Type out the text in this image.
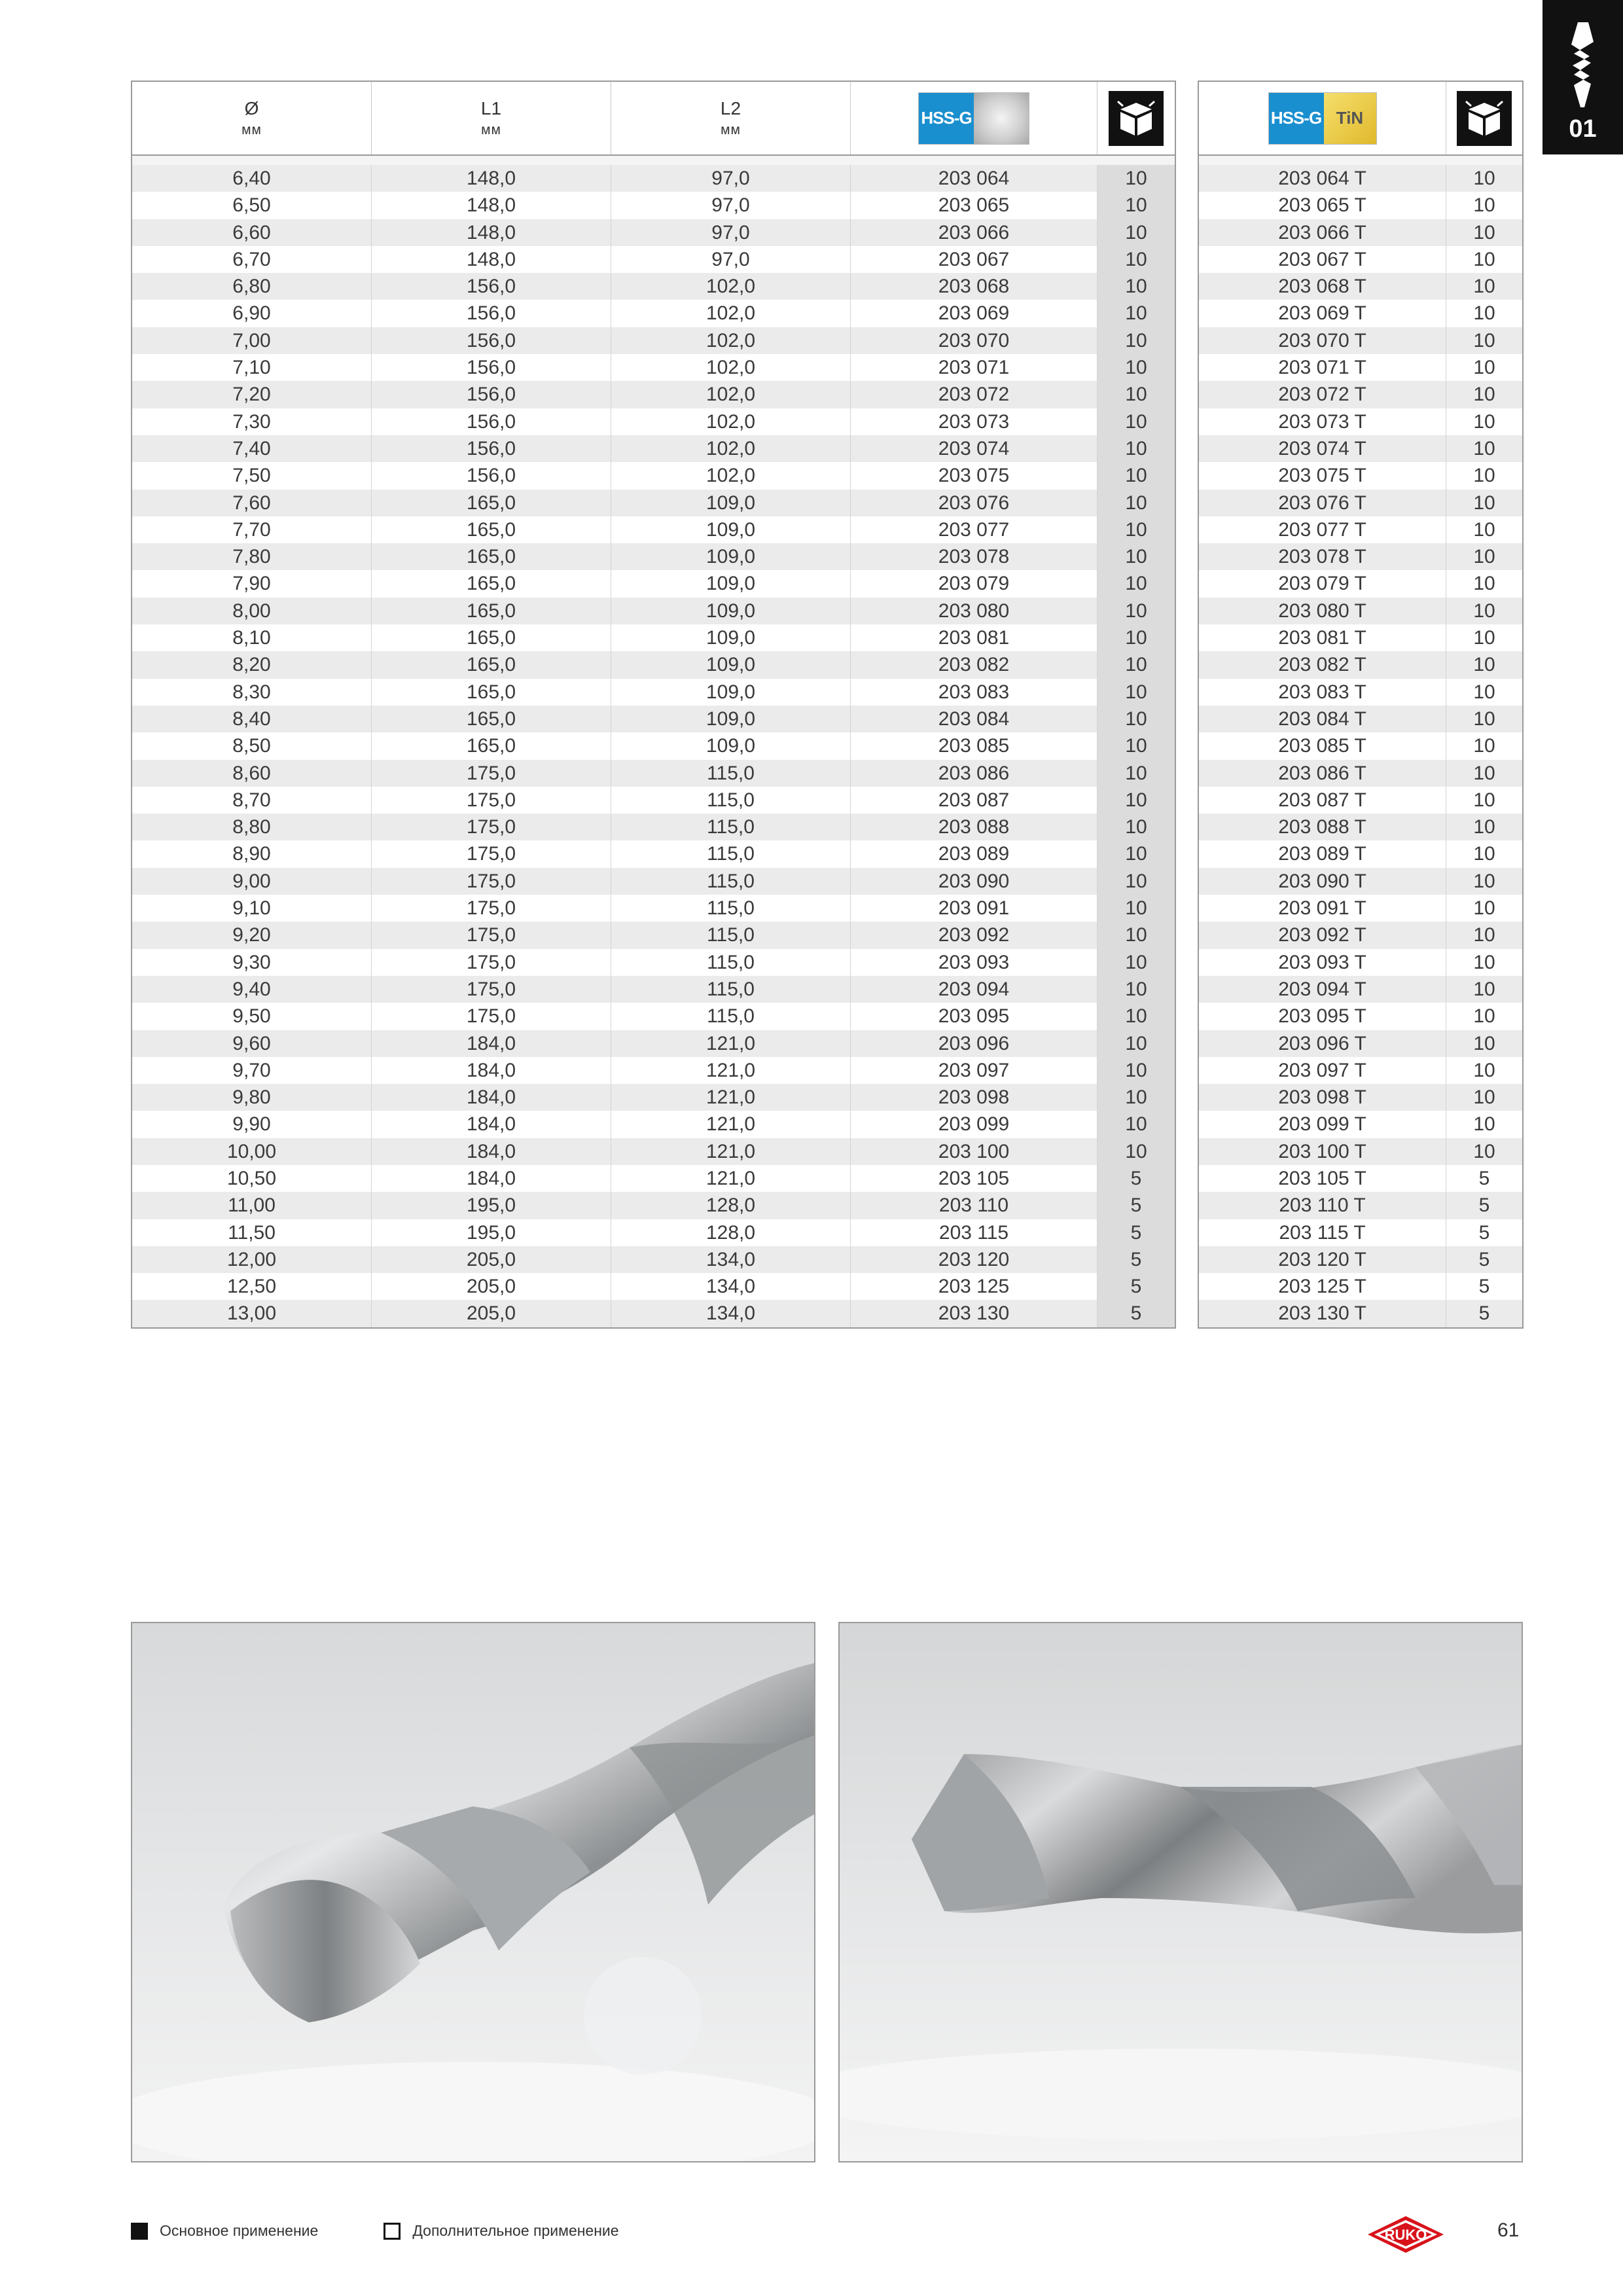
01
Ø
мм
L1
мм
L2
мм
HSS-G
6,40	148,0	97,0	203 064	10
6,50	148,0	97,0	203 065	10
6,60	148,0	97,0	203 066	10
6,70	148,0	97,0	203 067	10
6,80	156,0	102,0	203 068	10
6,90	156,0	102,0	203 069	10
7,00	156,0	102,0	203 070	10
7,10	156,0	102,0	203 071	10
7,20	156,0	102,0	203 072	10
7,30	156,0	102,0	203 073	10
7,40	156,0	102,0	203 074	10
7,50	156,0	102,0	203 075	10
7,60	165,0	109,0	203 076	10
7,70	165,0	109,0	203 077	10
7,80	165,0	109,0	203 078	10
7,90	165,0	109,0	203 079	10
8,00	165,0	109,0	203 080	10
8,10	165,0	109,0	203 081	10
8,20	165,0	109,0	203 082	10
8,30	165,0	109,0	203 083	10
8,40	165,0	109,0	203 084	10
8,50	165,0	109,0	203 085	10
8,60	175,0	115,0	203 086	10
8,70	175,0	115,0	203 087	10
8,80	175,0	115,0	203 088	10
8,90	175,0	115,0	203 089	10
9,00	175,0	115,0	203 090	10
9,10	175,0	115,0	203 091	10
9,20	175,0	115,0	203 092	10
9,30	175,0	115,0	203 093	10
9,40	175,0	115,0	203 094	10
9,50	175,0	115,0	203 095	10
9,60	184,0	121,0	203 096	10
9,70	184,0	121,0	203 097	10
9,80	184,0	121,0	203 098	10
9,90	184,0	121,0	203 099	10
10,00	184,0	121,0	203 100	10
10,50	184,0	121,0	203 105	5
11,00	195,0	128,0	203 110	5
11,50	195,0	128,0	203 115	5
12,00	205,0	134,0	203 120	5
12,50	205,0	134,0	203 125	5
13,00	205,0	134,0	203 130	5
HSS-G TiN
203 064 T	10
203 065 T	10
203 066 T	10
203 067 T	10
203 068 T	10
203 069 T	10
203 070 T	10
203 071 T	10
203 072 T	10
203 073 T	10
203 074 T	10
203 075 T	10
203 076 T	10
203 077 T	10
203 078 T	10
203 079 T	10
203 080 T	10
203 081 T	10
203 082 T	10
203 083 T	10
203 084 T	10
203 085 T	10
203 086 T	10
203 087 T	10
203 088 T	10
203 089 T	10
203 090 T	10
203 091 T	10
203 092 T	10
203 093 T	10
203 094 T	10
203 095 T	10
203 096 T	10
203 097 T	10
203 098 T	10
203 099 T	10
203 100 T	10
203 105 T	5
203 110 T	5
203 115 T	5
203 120 T	5
203 125 T	5
203 130 T	5
Основное применение	Дополнительное применение	RUKO	61
